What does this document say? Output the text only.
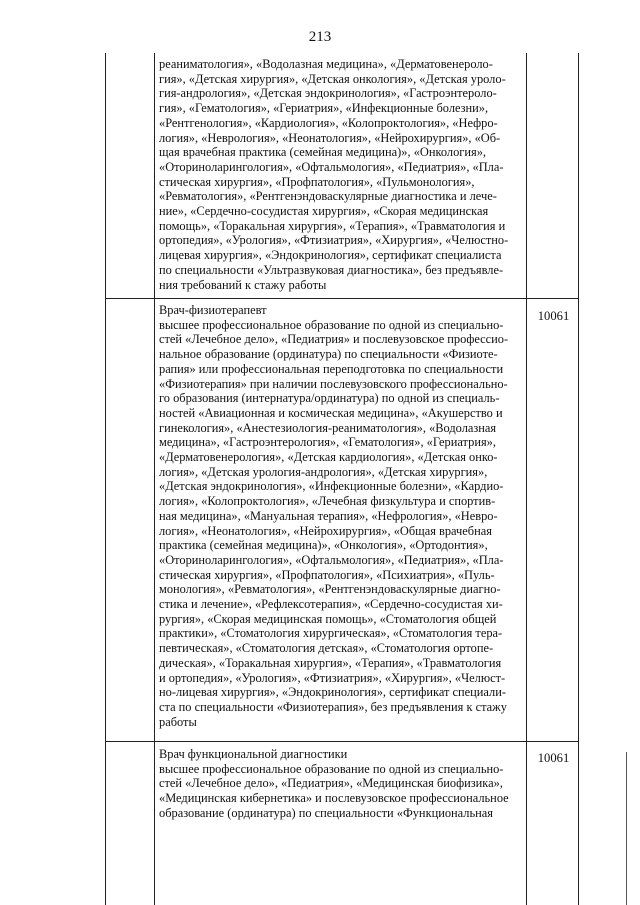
213
реаниматология», «Водолазная медицина», «Дерматовенероло-
гия», «Детская хирургия», «Детская онкология», «Детская уроло-
гия-андрология», «Детская эндокринология», «Гастроэнтероло-
гия», «Гематология», «Гериатрия», «Инфекционные болезни»,
«Рентгенология», «Кардиология», «Колопроктология», «Нефро-
логия», «Неврология», «Неонатология», «Нейрохирургия», «Об-
щая врачебная практика (семейная медицина)», «Онкология»,
«Оториноларингология», «Офтальмология», «Педиатрия», «Пла-
стическая хирургия», «Профпатология», «Пульмонология»,
«Ревматология», «Рентгенэндоваскулярные диагностика и лече-
ние», «Сердечно-сосудистая хирургия», «Скорая медицинская
помощь», «Торакальная хирургия», «Терапия», «Травматология и
ортопедия», «Урология», «Фтизиатрия», «Хирургия», «Челюстно-
лицевая хирургия», «Эндокринология», сертификат специалиста
по специальности «Ультразвуковая диагностика», без предъявле-
ния требований к стажу работы
Врач-физиотерапевт
высшее профессиональное образование по одной из специально-
стей «Лечебное дело», «Педиатрия» и послевузовское профессио-
нальное образование (ординатура) по специальности «Физиоте-
рапия» или профессиональная переподготовка по специальности
«Физиотерапия» при наличии послевузовского профессионально-
го образования (интернатура/ординатура) по одной из специаль-
ностей «Авиационная и космическая медицина», «Акушерство и
гинекология», «Анестезиология-реаниматология», «Водолазная
медицина», «Гастроэнтерология», «Гематология», «Гериатрия»,
«Дерматовенерология», «Детская кардиология», «Детская онко-
логия», «Детская урология-андрология», «Детская хирургия»,
«Детская эндокринология», «Инфекционные болезни», «Кардио-
логия», «Колопроктология», «Лечебная физкультура и спортив-
ная медицина», «Мануальная терапия», «Нефрология», «Невро-
логия», «Неонатология», «Нейрохирургия», «Общая врачебная
практика (семейная медицина)», «Онкология», «Ортодонтия»,
«Оториноларингология», «Офтальмология», «Педиатрия», «Пла-
стическая хирургия», «Профпатология», «Психиатрия», «Пуль-
монология», «Ревматология», «Рентгенэндоваскулярные диагно-
стика и лечение», «Рефлексотерапия», «Сердечно-сосудистая хи-
рургия», «Скорая медицинская помощь», «Стоматология общей
практики», «Стоматология хирургическая», «Стоматология тера-
певтическая», «Стоматология детская», «Стоматология ортопе-
дическая», «Торакальная хирургия», «Терапия», «Травматология
и ортопедия», «Урология», «Фтизиатрия», «Хирургия», «Челюст-
но-лицевая хирургия», «Эндокринология», сертификат специали-
ста по специальности «Физиотерапия», без предъявления к стажу
работы
10061
Врач функциональной диагностики
высшее профессиональное образование по одной из специально-
стей «Лечебное дело», «Педиатрия», «Медицинская биофизика»,
«Медицинская кибернетика» и послевузовское профессиональное
образование (ординатура) по специальности «Функциональная
10061
